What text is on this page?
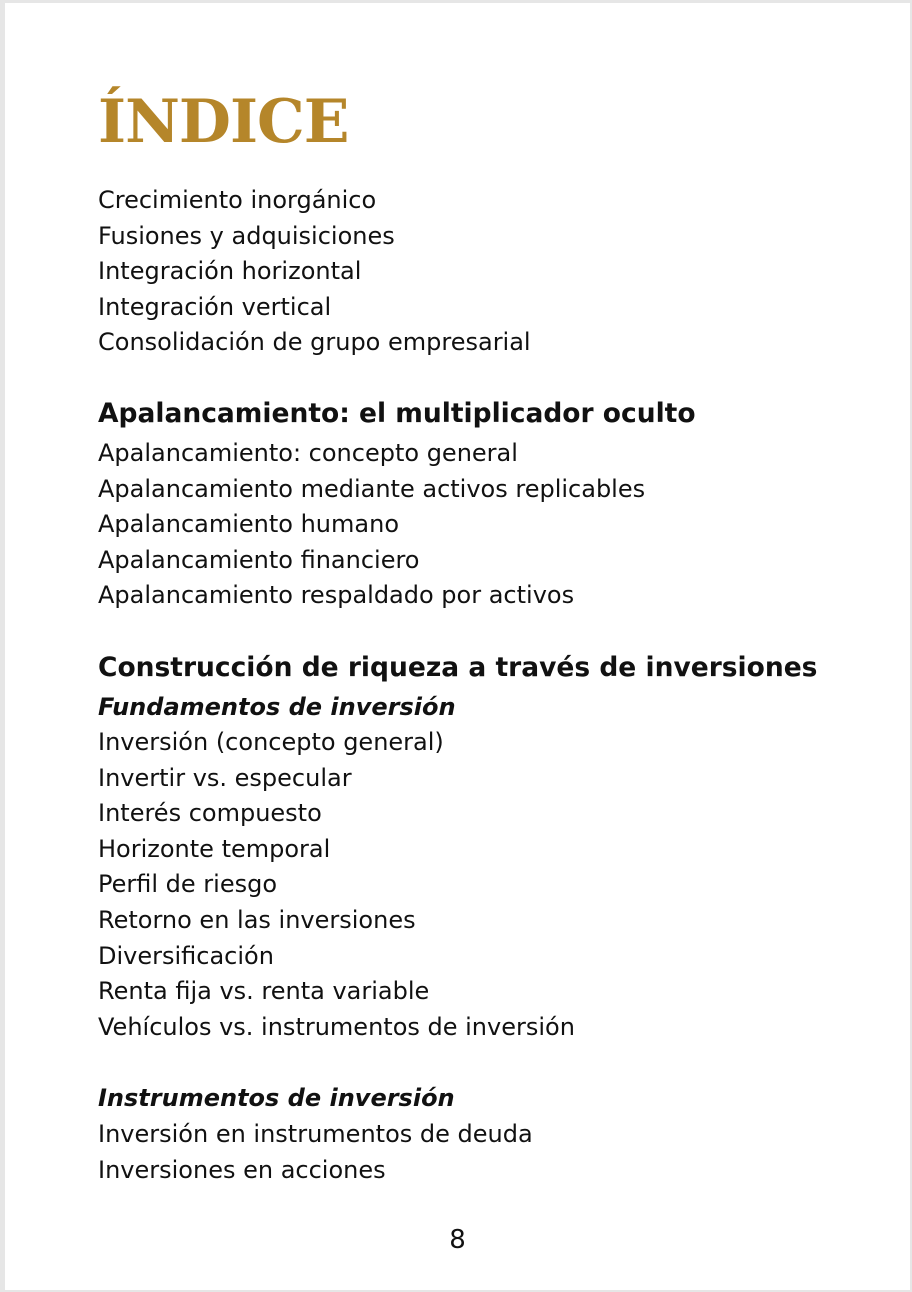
ÍNDICE
Crecimiento inorgánico
Fusiones y adquisiciones
Integración horizontal
Integración vertical
Consolidación de grupo empresarial
Apalancamiento: el multiplicador oculto
Apalancamiento: concepto general
Apalancamiento mediante activos replicables
Apalancamiento humano
Apalancamiento financiero
Apalancamiento respaldado por activos
Construcción de riqueza a través de inversiones
Fundamentos de inversión
Inversión (concepto general)
Invertir vs. especular
Interés compuesto
Horizonte temporal
Perfil de riesgo
Retorno en las inversiones
Diversificación
Renta fija vs. renta variable
Vehículos vs. instrumentos de inversión
Instrumentos de inversión
Inversión en instrumentos de deuda
Inversiones en acciones
8
